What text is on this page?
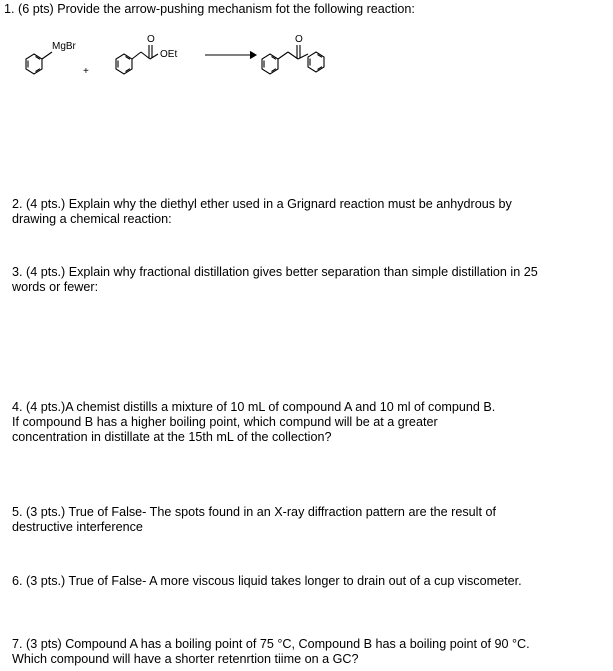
1. (6 pts) Provide the arrow-pushing mechanism fot the following reaction:

MgBr
+
O
OEt
O

2. (4 pts.) Explain why the diethyl ether used in a Grignard reaction must be anhydrous by

drawing a chemical reaction:

3. (4 pts.) Explain why fractional distillation gives better separation than simple distillation in 25

words or fewer:

4. (4 pts.)A chemist distills a mixture of 10 mL of compound A and 10 ml of compund B.

If compound B has a higher boiling point, which compund will be at a greater

concentration in distillate at the 15th mL of the collection?

5. (3 pts.) True of False- The spots found in an X-ray diffraction pattern are the result of

destructive interference

6. (3 pts.) True of False- A more viscous liquid takes longer to drain out of a cup viscometer.

7. (3 pts) Compound A has a boiling point of 75 °C, Compound B has a boiling point of 90 °C.

Which compound will have a shorter retenrtion tiime on a GC?
